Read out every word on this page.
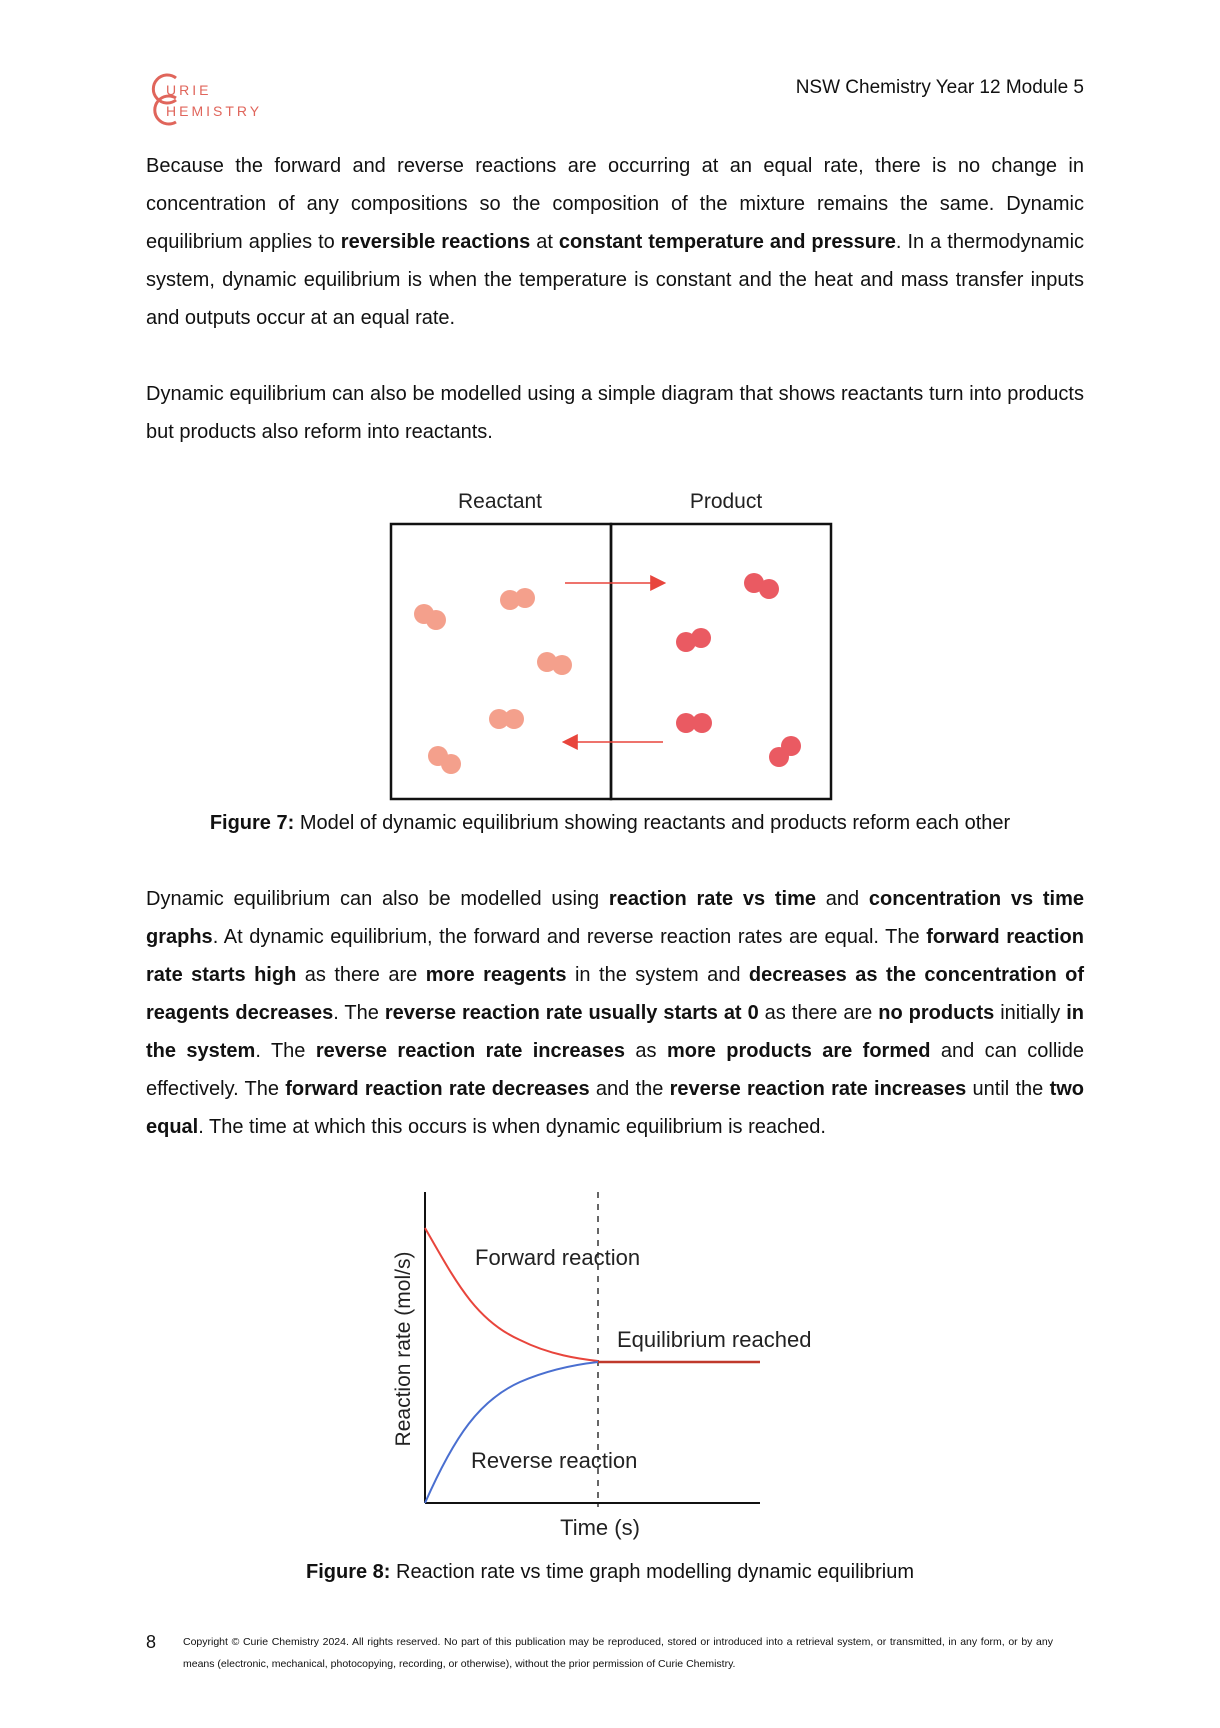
URIE
HEMISTRY
NSW Chemistry Year 12 Module 5

Because the forward and reverse reactions are occurring at an equal rate, there is no change in concentration of any compositions so the composition of the mixture remains the same. Dynamic equilibrium applies to reversible reactions at constant temperature and pressure. In a thermodynamic system, dynamic equilibrium is when the temperature is constant and the heat and mass transfer inputs and outputs occur at an equal rate.

Dynamic equilibrium can also be modelled using a simple diagram that shows reactants turn into products but products also reform into reactants.

Reactant	Product
Figure 7: Model of dynamic equilibrium showing reactants and products reform each other

Dynamic equilibrium can also be modelled using reaction rate vs time and concentration vs time graphs. At dynamic equilibrium, the forward and reverse reaction rates are equal. The forward reaction rate starts high as there are more reagents in the system and decreases as the concentration of reagents decreases. The reverse reaction rate usually starts at 0 as there are no products initially in the system. The reverse reaction rate increases as more products are formed and can collide effectively. The forward reaction rate decreases and the reverse reaction rate increases until the two equal. The time at which this occurs is when dynamic equilibrium is reached.

Forward reaction
Equilibrium reached
Reverse reaction
Time (s)
Reaction rate (mol/s)
Figure 8: Reaction rate vs time graph modelling dynamic equilibrium
8	Copyright © Curie Chemistry 2024. All rights reserved. No part of this publication may be reproduced, stored or introduced into a retrieval system, or transmitted, in any form, or by any means (electronic, mechanical, photocopying, recording, or otherwise), without the prior permission of Curie Chemistry.
